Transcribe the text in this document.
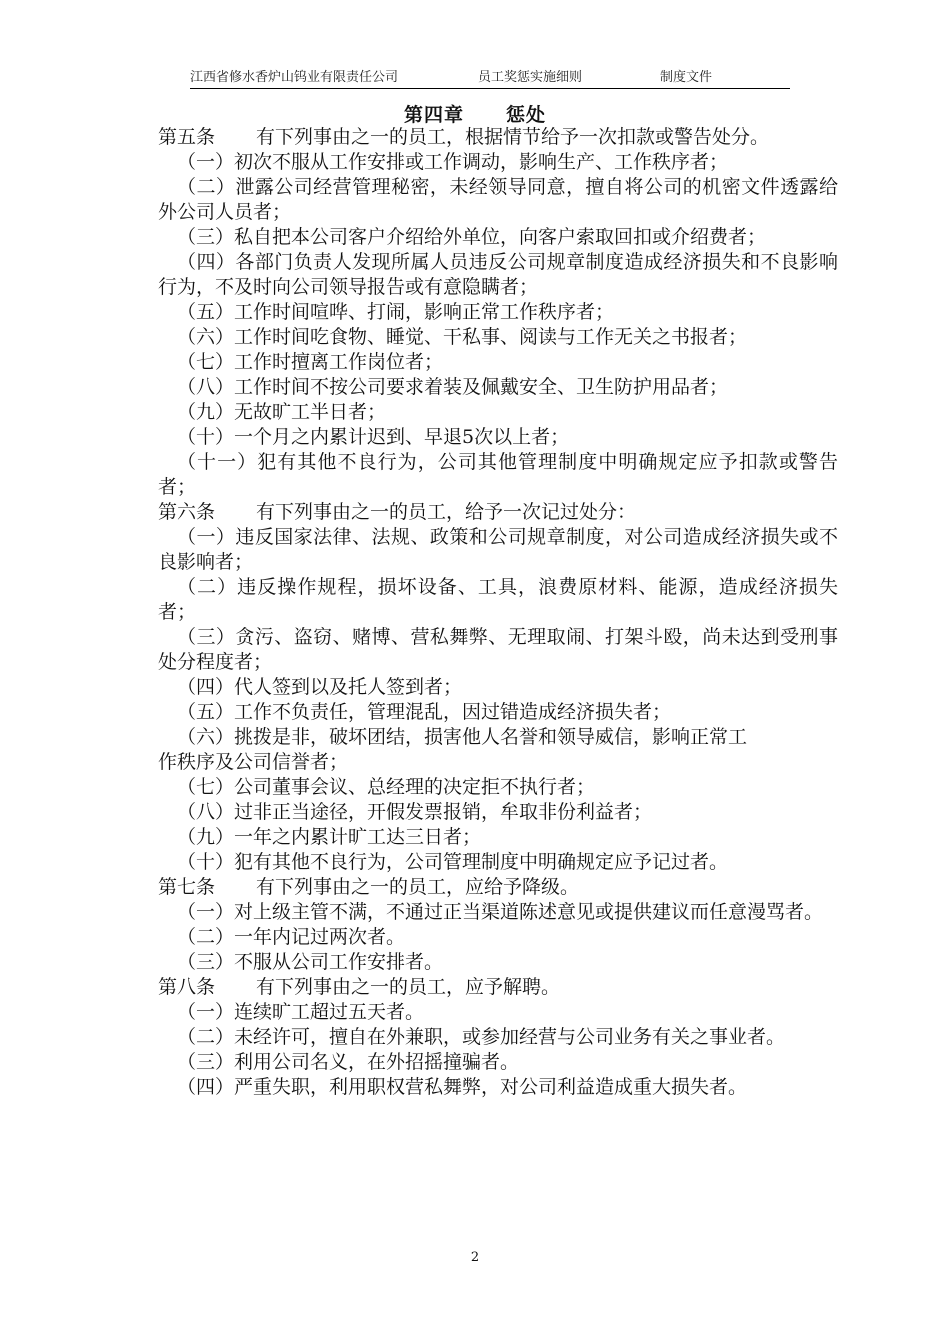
江西省修水香炉山钨业有限责任公司	员工奖惩实施细则	制度文件
第四章 惩处
第五条 有下列事由之一的员工，根据情节给予一次扣款或警告处分。
（一）初次不服从工作安排或工作调动，影响生产、工作秩序者；
（二）泄露公司经营管理秘密，未经领导同意，擅自将公司的机密文件透露给外公司人员者；
（三）私自把本公司客户介绍给外单位，向客户索取回扣或介绍费者；
（四）各部门负责人发现所属人员违反公司规章制度造成经济损失和不良影响行为，不及时向公司领导报告或有意隐瞒者；
（五）工作时间喧哗、打闹，影响正常工作秩序者；
（六）工作时间吃食物、睡觉、干私事、阅读与工作无关之书报者；
（七）工作时擅离工作岗位者；
（八）工作时间不按公司要求着装及佩戴安全、卫生防护用品者；
（九）无故旷工半日者；
（十）一个月之内累计迟到、早退5次以上者；
（十一）犯有其他不良行为，公司其他管理制度中明确规定应予扣款或警告者；
第六条 有下列事由之一的员工，给予一次记过处分：
（一）违反国家法律、法规、政策和公司规章制度，对公司造成经济损失或不良影响者；
（二）违反操作规程，损坏设备、工具，浪费原材料、能源，造成经济损失者；
（三）贪污、盗窃、赌博、营私舞弊、无理取闹、打架斗殴，尚未达到受刑事处分程度者；
（四）代人签到以及托人签到者；
（五）工作不负责任，管理混乱，因过错造成经济损失者；
（六）挑拨是非，破坏团结，损害他人名誉和领导威信，影响正常工
作秩序及公司信誉者；
（七）公司董事会议、总经理的决定拒不执行者；
（八）过非正当途径，开假发票报销，牟取非份利益者；
（九）一年之内累计旷工达三日者；
（十）犯有其他不良行为，公司管理制度中明确规定应予记过者。
第七条 有下列事由之一的员工，应给予降级。
（一）对上级主管不满，不通过正当渠道陈述意见或提供建议而任意漫骂者。
（二）一年内记过两次者。
（三）不服从公司工作安排者。
第八条 有下列事由之一的员工，应予解聘。
（一）连续旷工超过五天者。
（二）未经许可，擅自在外兼职，或参加经营与公司业务有关之事业者。
（三）利用公司名义，在外招摇撞骗者。
（四）严重失职，利用职权营私舞弊，对公司利益造成重大损失者。
2
